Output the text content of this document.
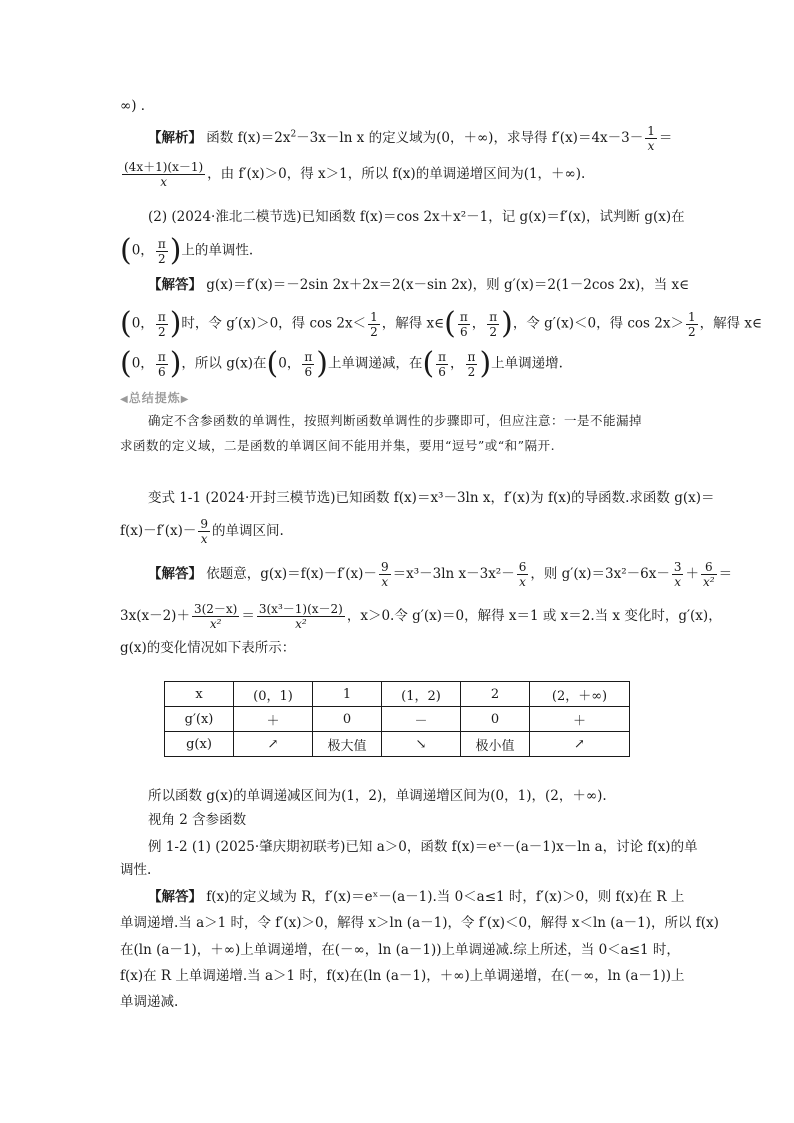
∞) ．
【解析】 函数 $f(x)=2x^2-3x-\ln$ x 的定义域为(0，＋∞)，求导得 $f'(x)=4x-3- \frac{1}{x}$ ＝
$\frac{(4x+1)(x-1)}{x}$ ，由 f′(x)＞0，得 x＞1，所以 f(x)的单调递增区间为(1，＋∞).
(2) (2024·淮北二模节选)已知函数 f(x)＝cos 2x＋x²－1，记 g(x)＝f′(x)，试判断 g(x)在
(0， $\frac{\pi}{2}$ )上的单调性.
【解答】 g(x)＝f′(x)＝－2sin 2x＋2x＝2(x－sin 2x)，则 g′(x)＝2(1－2cos 2x)，当 x∈
(0， $\frac{\pi}{2}$ )时，令 g′(x)＞0，得 $\cos 2x< \frac{1}{2}$ ，解得 x∈( $\frac{\pi}{6}$ ， $\frac{\pi}{2}$ )，令 g′(x)＜0，得 $\cos 2x> \frac{1}{2}$ ，解得 x∈
(0， $\frac{\pi}{6}$ )，所以 g(x)在(0， $\frac{\pi}{6}$ )上单调递减，在( $\frac{\pi}{6}$ ， $\frac{\pi}{2}$ )上单调递增.
◀总结提炼▶
确定不含参函数的单调性，按照判断函数单调性的步骤即可，但应注意：一是不能漏掉
求函数的定义域，二是函数的单调区间不能用并集，要用“逗号”或“和”隔开.
变式 1-1 (2024·开封三模节选)已知函数 f(x)＝x³－3ln x，f′(x)为 f(x)的导函数.求函数 g(x)＝
$f(x)-f'(x)- \frac{9}{x}$ 的单调区间.
【解答】 依题意，$g(x)=f(x)-f'(x)- \frac{9}{x} =x^3-3\ln$ $x-3x^2- \frac{6}{x}$ ，则 $g'(x)=3x^2-6x- \frac{3}{x} + \frac{6}{\text{x²}}$ ＝
$3x(x-2)+ \frac{3(2-x)}{\text{x²}} = \frac{\text{3(x³－1)(x－2)}}{\text{x²}}$ ，x＞0.令 g′(x)＝0，解得 x＝1 或 x＝2.当 x 变化时，g′(x)，
g(x)的变化情况如下表所示：
x	(0，1)	1	(1，2)	2	(2，＋∞)
g′(x)	＋	0	－	0	＋
g(x)	↗	极大值	↘	极小值	↗
所以函数 g(x)的单调递减区间为(1，2)，单调递增区间为(0，1)，(2，＋∞).
视角 2 含参函数
例 1-2 (1) (2025·肇庆期初联考)已知 a＞0，函数 f(x)＝eˣ－(a－1)x－ln a，讨论 f(x)的单
调性.
【解答】 f(x)的定义域为 R，f′(x)＝eˣ－(a－1).当 0＜a≤1 时，f′(x)＞0，则 f(x)在 R 上
单调递增.当 a＞1 时，令 f′(x)＞0，解得 x＞ln (a－1)，令 f′(x)＜0，解得 x＜ln (a－1)，所以 f(x)
在(ln (a－1)，＋∞)上单调递增，在(－∞，ln (a－1))上单调递减.综上所述，当 0＜a≤1 时，
f(x)在 R 上单调递增.当 a＞1 时，f(x)在(ln (a－1)，＋∞)上单调递增，在(－∞，ln (a－1))上
单调递减.
